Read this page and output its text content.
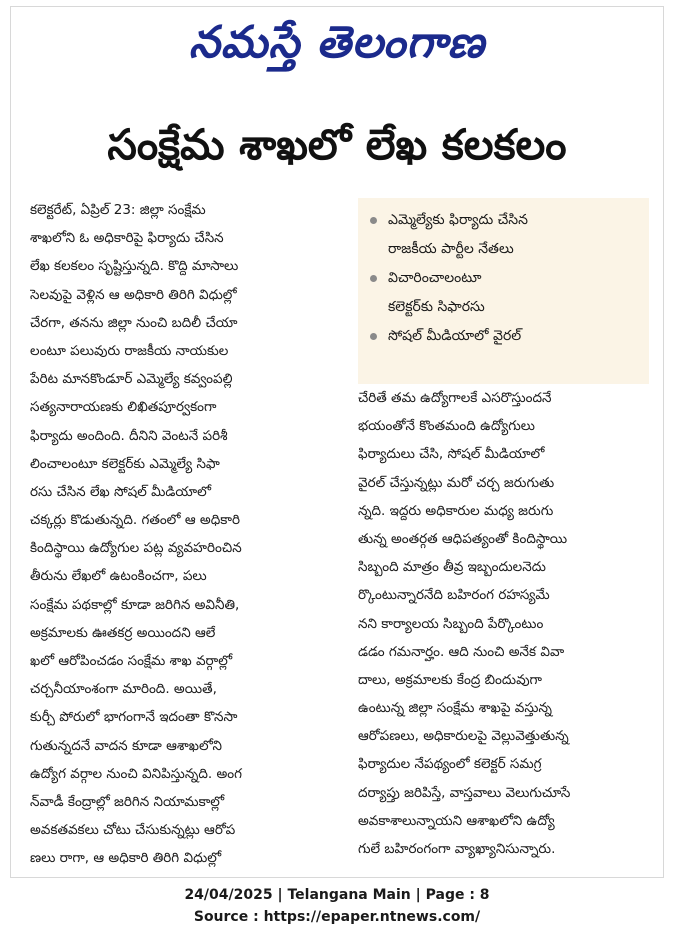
నమస్తే తెలంగాణ
సంక్షేమ శాఖలో లేఖ కలకలం
కలెక్టరేట్, ఏప్రిల్ 23: జిల్లా సంక్షేమ
శాఖలోని ఓ అధికారిపై ఫిర్యాదు చేసిన
లేఖ కలకలం సృష్టిస్తున్నది. కొద్ది మాసాలు
సెలవుపై వెళ్లిన ఆ అధికారి తిరిగి విధుల్లో
చేరగా, తనను జిల్లా నుంచి బదిలీ చేయా
లంటూ పలువురు రాజకీయ నాయకుల
పేరిట మానకొండూర్ ఎమ్మెల్యే కవ్వంపల్లి
సత్యనారాయణకు లిఖితపూర్వకంగా
ఫిర్యాదు అందింది. దీనిని వెంటనే పరిశీ
లించాలంటూ కలెక్టర్‌కు ఎమ్మెల్యే సిఫా
రసు చేసిన లేఖ సోషల్ మీడియాలో
చక్కర్లు కొడుతున్నది. గతంలో ఆ అధికారి
కిందిస్థాయి ఉద్యోగుల పట్ల వ్యవహరించిన
తీరును లేఖలో ఉటంకించగా, పలు
సంక్షేమ పథకాల్లో కూడా జరిగిన అవినీతి,
అక్రమాలకు ఊతకర్ర అయిందని ఆలే
ఖలో ఆరోపించడం సంక్షేమ శాఖ వర్గాల్లో
చర్చనీయాంశంగా మారింది. అయితే,
కుర్చీ పోరులో భాగంగానే ఇదంతా కొనసా
గుతున్నదనే వాదన కూడా ఆశాఖలోని
ఉద్యోగ వర్గాల నుంచి వినిపిస్తున్నది. అంగ
న్‌వాడీ కేంద్రాల్లో జరిగిన నియామకాల్లో
అవకతవకలు చోటు చేసుకున్నట్లు ఆరోప
ణలు రాగా, ఆ అధికారి తిరిగి విధుల్లో
ఎమ్మెల్యేకు ఫిర్యాదు చేసిన
రాజకీయ పార్టీల నేతలు
విచారించాలంటూ
కలెక్టర్‌కు సిఫారసు
సోషల్ మీడియాలో వైరల్
చేరితే తమ ఉద్యోగాలకే ఎసరొస్తుందనే
భయంతోనే కొంతమంది ఉద్యోగులు
ఫిర్యాదులు చేసి, సోషల్ మీడియాలో
వైరల్ చేస్తున్నట్లు మరో చర్చ జరుగుతు
న్నది. ఇద్దరు అధికారుల మధ్య జరుగు
తున్న అంతర్గత ఆధిపత్యంతో కిందిస్థాయి
సిబ్బంది మాత్రం తీవ్ర ఇబ్బందులనెదు
ర్కొంటున్నారనేది బహిరంగ రహస్యమే
నని కార్యాలయ సిబ్బంది పేర్కొంటుం
డడం గమనార్హం. ఆది నుంచి అనేక వివా
దాలు, అక్రమాలకు కేంద్ర బిందువుగా
ఉంటున్న జిల్లా సంక్షేమ శాఖపై వస్తున్న
ఆరోపణలు, అధికారులపై వెల్లువెత్తుతున్న
ఫిర్యాదుల నేపథ్యంలో కలెక్టర్ సమగ్ర
దర్యాప్తు జరిపిస్తే, వాస్తవాలు వెలుగుచూసే
అవకాశాలున్నాయని ఆశాఖలోని ఉద్యో
గులే బహిరంగంగా వ్యాఖ్యానిసున్నారు.
24/04/2025 | Telangana Main | Page : 8
Source : https://epaper.ntnews.com/
